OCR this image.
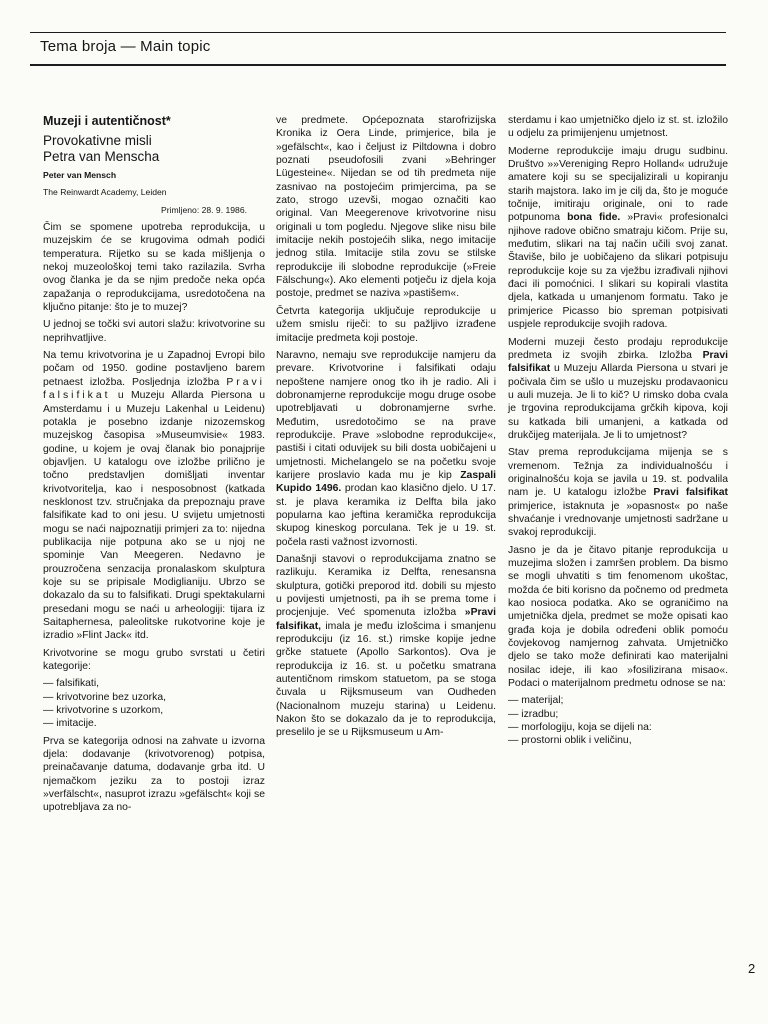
Tema broja — Main topic

Muzeji i autentičnost*

Provokativne misli
Petra van Menscha

Peter van Mensch

The Reinwardt Academy, Leiden

Primljeno: 28. 9. 1986.

Čim se spomene upotreba reprodukcija, u muzejskim će se krugovima odmah podići temperatura. Rijetko su se kada mišljenja o nekoj muzeološkoj temi tako razilazila. Svrha ovog članka je da se njim predoče neka opća zapažanja o reprodukcijama, usredotočena na ključno pitanje: što je to muzej?

U jednoj se točki svi autori slažu: krivotvorine su neprihvatljive.

Na temu krivotvorina je u Zapadnoj Evropi bilo počam od 1950. godine postavljeno barem petnaest izložba. Posljednja izložba Pravi falsifikat u Muzeju Allarda Piersona u Amsterdamu i u Muzeju Lakenhal u Leidenu) potakla je posebno izdanje nizozemskog muzejskog časopisa »Museumvisie« 1983. godine, u kojem je ovaj članak bio ponajprije objavljen. U katalogu ove izložbe prilično je točno predstavljen domišljati inventar krivotvoritelja, kao i nesposobnost (katkada nesklonost tzv. stručnjaka da prepoznaju prave falsifikate kad to oni jesu. U svijetu umjetnosti mogu se naći najpoznatiji primjeri za to: nijedna publikacija nije potpuna ako se u njoj ne spominje Van Meegeren. Nedavno je prouzročena senzacija pronalaskom skulptura koje su se pripisale Modiglianiju. Ubrzo se dokazalo da su to falsifikati. Drugi spektakularni presedani mogu se naći u arheologiji: tijara iz Saitaphernesa, paleolitske rukotvorine koje je izradio »Flint Jack« itd.

Krivotvorine se mogu grubo svrstati u četiri kategorije:

— falsifikati,
— krivotvorine bez uzorka,
— krivotvorine s uzorkom,
— imitacije.

Prva se kategorija odnosi na zahvate u izvorna djela: dodavanje (krivotvorenog) potpisa, preinačavanje datuma, dodavanje grba itd. U njemačkom jeziku za to postoji izraz »verfälscht«, nasuprot izrazu »gefälscht« koji se upotrebljava za no-

ve predmete. Općepoznata starofrizijska Kronika iz Oera Linde, primjerice, bila je »gefälscht«, kao i čeljust iz Piltdowna i dobro poznati pseudofosili zvani »Behringer Lügesteine«. Nijedan se od tih predmeta nije zasnivao na postojećim primjercima, pa se zato, strogo uzevši, mogao označiti kao original. Van Meegerenove krivotvorine nisu originali u tom pogledu. Njegove slike nisu bile imitacije nekih postojećih slika, nego imitacije jednog stila. Imitacije stila zovu se stilske reprodukcije ili slobodne reprodukcije (»Freie Fälschung«). Ako elementi potječu iz djela koja postoje, predmet se naziva »pastišem«.

Četvrta kategorija uključuje reprodukcije u užem smislu riječi: to su pažljivo izrađene imitacije predmeta koji postoje.

Naravno, nemaju sve reprodukcije namjeru da prevare. Krivotvorine i falsifikati odaju nepoštene namjere onog tko ih je radio. Ali i dobronamjerne reprodukcije mogu druge osobe upotrebljavati u dobronamjerne svrhe. Međutim, usredotočimo se na prave reprodukcije. Prave »slobodne reprodukcije«, pastiši i citati oduvijek su bili dosta uobičajeni u umjetnosti. Michelangelo se na početku svoje karijere proslavio kada mu je kip Zaspali Kupido 1496. prodan kao klasično djelo. U 17. st. je plava keramika iz Delfta bila jako popularna kao jeftina keramička reprodukcija skupog kineskog porculana. Tek je u 19. st. počela rasti važnost izvornosti.

Današnji stavovi o reprodukcijama znatno se razlikuju. Keramika iz Delfta, renesansna skulptura, gotički preporod itd. dobili su mjesto u povijesti umjetnosti, pa ih se prema tome i procjenjuje. Već spomenuta izložba »Pravi falsifikat, imala je među izlošcima i smanjenu reprodukciju (iz 16. st.) rimske kopije jedne grčke statuete (Apollo Sarkontos). Ova je reprodukcija iz 16. st. u početku smatrana autentičnom rimskom statuetom, pa se stoga čuvala u Rijksmuseum van Oudheden (Nacionalnom muzeju starina) u Leidenu. Nakon što se dokazalo da je to reprodukcija, preselilo je se u Rijksmuseum u Am-

sterdamu i kao umjetničko djelo iz st. st. izložilo u odjelu za primijenjenu umjetnost.

Moderne reprodukcije imaju drugu sudbinu. Društvo »»Vereniging Repro Holland« udružuje amatere koji su se specijalizirali u kopiranju starih majstora. Iako im je cilj da, što je moguće točnije, imitiraju originale, oni to rade potpunoma bona fide. »Pravi« profesionalci njihove radove obično smatraju kičom. Prije su, međutim, slikari na taj način učili svoj zanat. Štaviše, bilo je uobičajeno da slikari potpisuju reprodukcije koje su za vježbu izrađivali njihovi đaci ili pomoćnici. I slikari su kopirali vlastita djela, katkada u umanjenom formatu. Tako je primjerice Picasso bio spreman potpisivati uspjele reprodukcije svojih radova.

Moderni muzeji često prodaju reprodukcije predmeta iz svojih zbirka. Izložba Pravi falsifikat u Muzeju Allarda Piersona u stvari je počivala čim se ušlo u muzejsku prodavaonicu u auli muzeja. Je li to kič? U rimsko doba cvala je trgovina reprodukcijama grčkih kipova, koji su katkada bili umanjeni, a katkada od drukčijeg materijala. Je li to umjetnost?

Stav prema reprodukcijama mijenja se s vremenom. Težnja za individualnošću i originalnošću koja se javila u 19. st. podvalila nam je. U katalogu izložbe Pravi falsifikat primjerice, istaknuta je »opasnost« po naše shvaćanje i vrednovanje umjetnosti sadržane u svakoj reprodukciji.

Jasno je da je čitavo pitanje reprodukcija u muzejima složen i zamršen problem. Da bismo se mogli uhvatiti s tim fenomenom ukoštac, možda će biti korisno da počnemo od predmeta kao nosioca podatka. Ako se ograničimo na umjetnička djela, predmet se može opisati kao građa koja je dobila određeni oblik pomoću čovjekovog namjernog zahvata. Umjetničko djelo se tako može definirati kao materijalni nosilac ideje, ili kao »fosilizirana misao«. Podaci o materijalnom predmetu odnose se na:

— materijal;
— izradbu;
— morfologiju, koja se dijeli na:
— prostorni oblik i veličinu,
2
